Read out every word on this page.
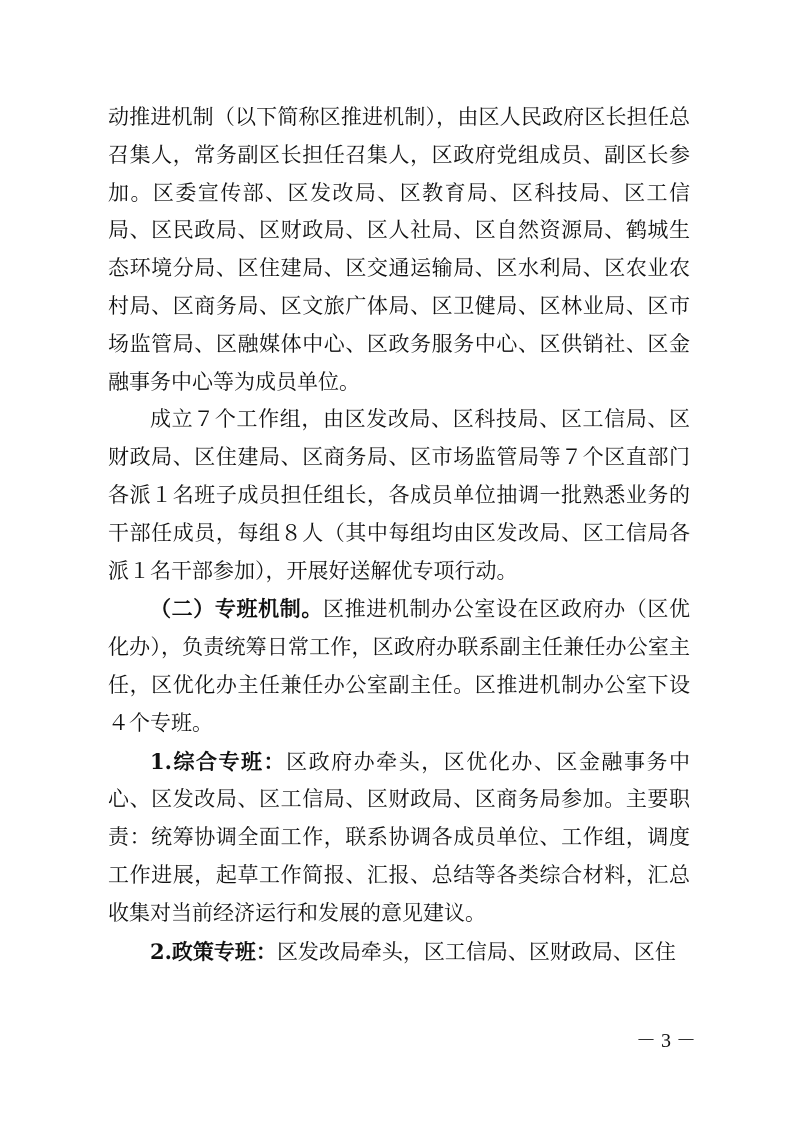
动推进机制（以下简称区推进机制），由区人民政府区长担任总召集人，常务副区长担任召集人，区政府党组成员、副区长参加。区委宣传部、区发改局、区教育局、区科技局、区工信局、区民政局、区财政局、区人社局、区自然资源局、鹤城生态环境分局、区住建局、区交通运输局、区水利局、区农业农村局、区商务局、区文旅广体局、区卫健局、区林业局、区市场监管局、区融媒体中心、区政务服务中心、区供销社、区金融事务中心等为成员单位。

成立７个工作组，由区发改局、区科技局、区工信局、区财政局、区住建局、区商务局、区市场监管局等７个区直部门各派１名班子成员担任组长，各成员单位抽调一批熟悉业务的干部任成员，每组８人（其中每组均由区发改局、区工信局各派１名干部参加），开展好送解优专项行动。

（二）专班机制。区推进机制办公室设在区政府办（区优化办），负责统筹日常工作，区政府办联系副主任兼任办公室主任，区优化办主任兼任办公室副主任。区推进机制办公室下设４个专班。

1.综合专班：区政府办牵头，区优化办、区金融事务中心、区发改局、区工信局、区财政局、区商务局参加。主要职责：统筹协调全面工作，联系协调各成员单位、工作组，调度工作进展，起草工作简报、汇报、总结等各类综合材料，汇总收集对当前经济运行和发展的意见建议。

2.政策专班：区发改局牵头，区工信局、区财政局、区住

－ 3 －
